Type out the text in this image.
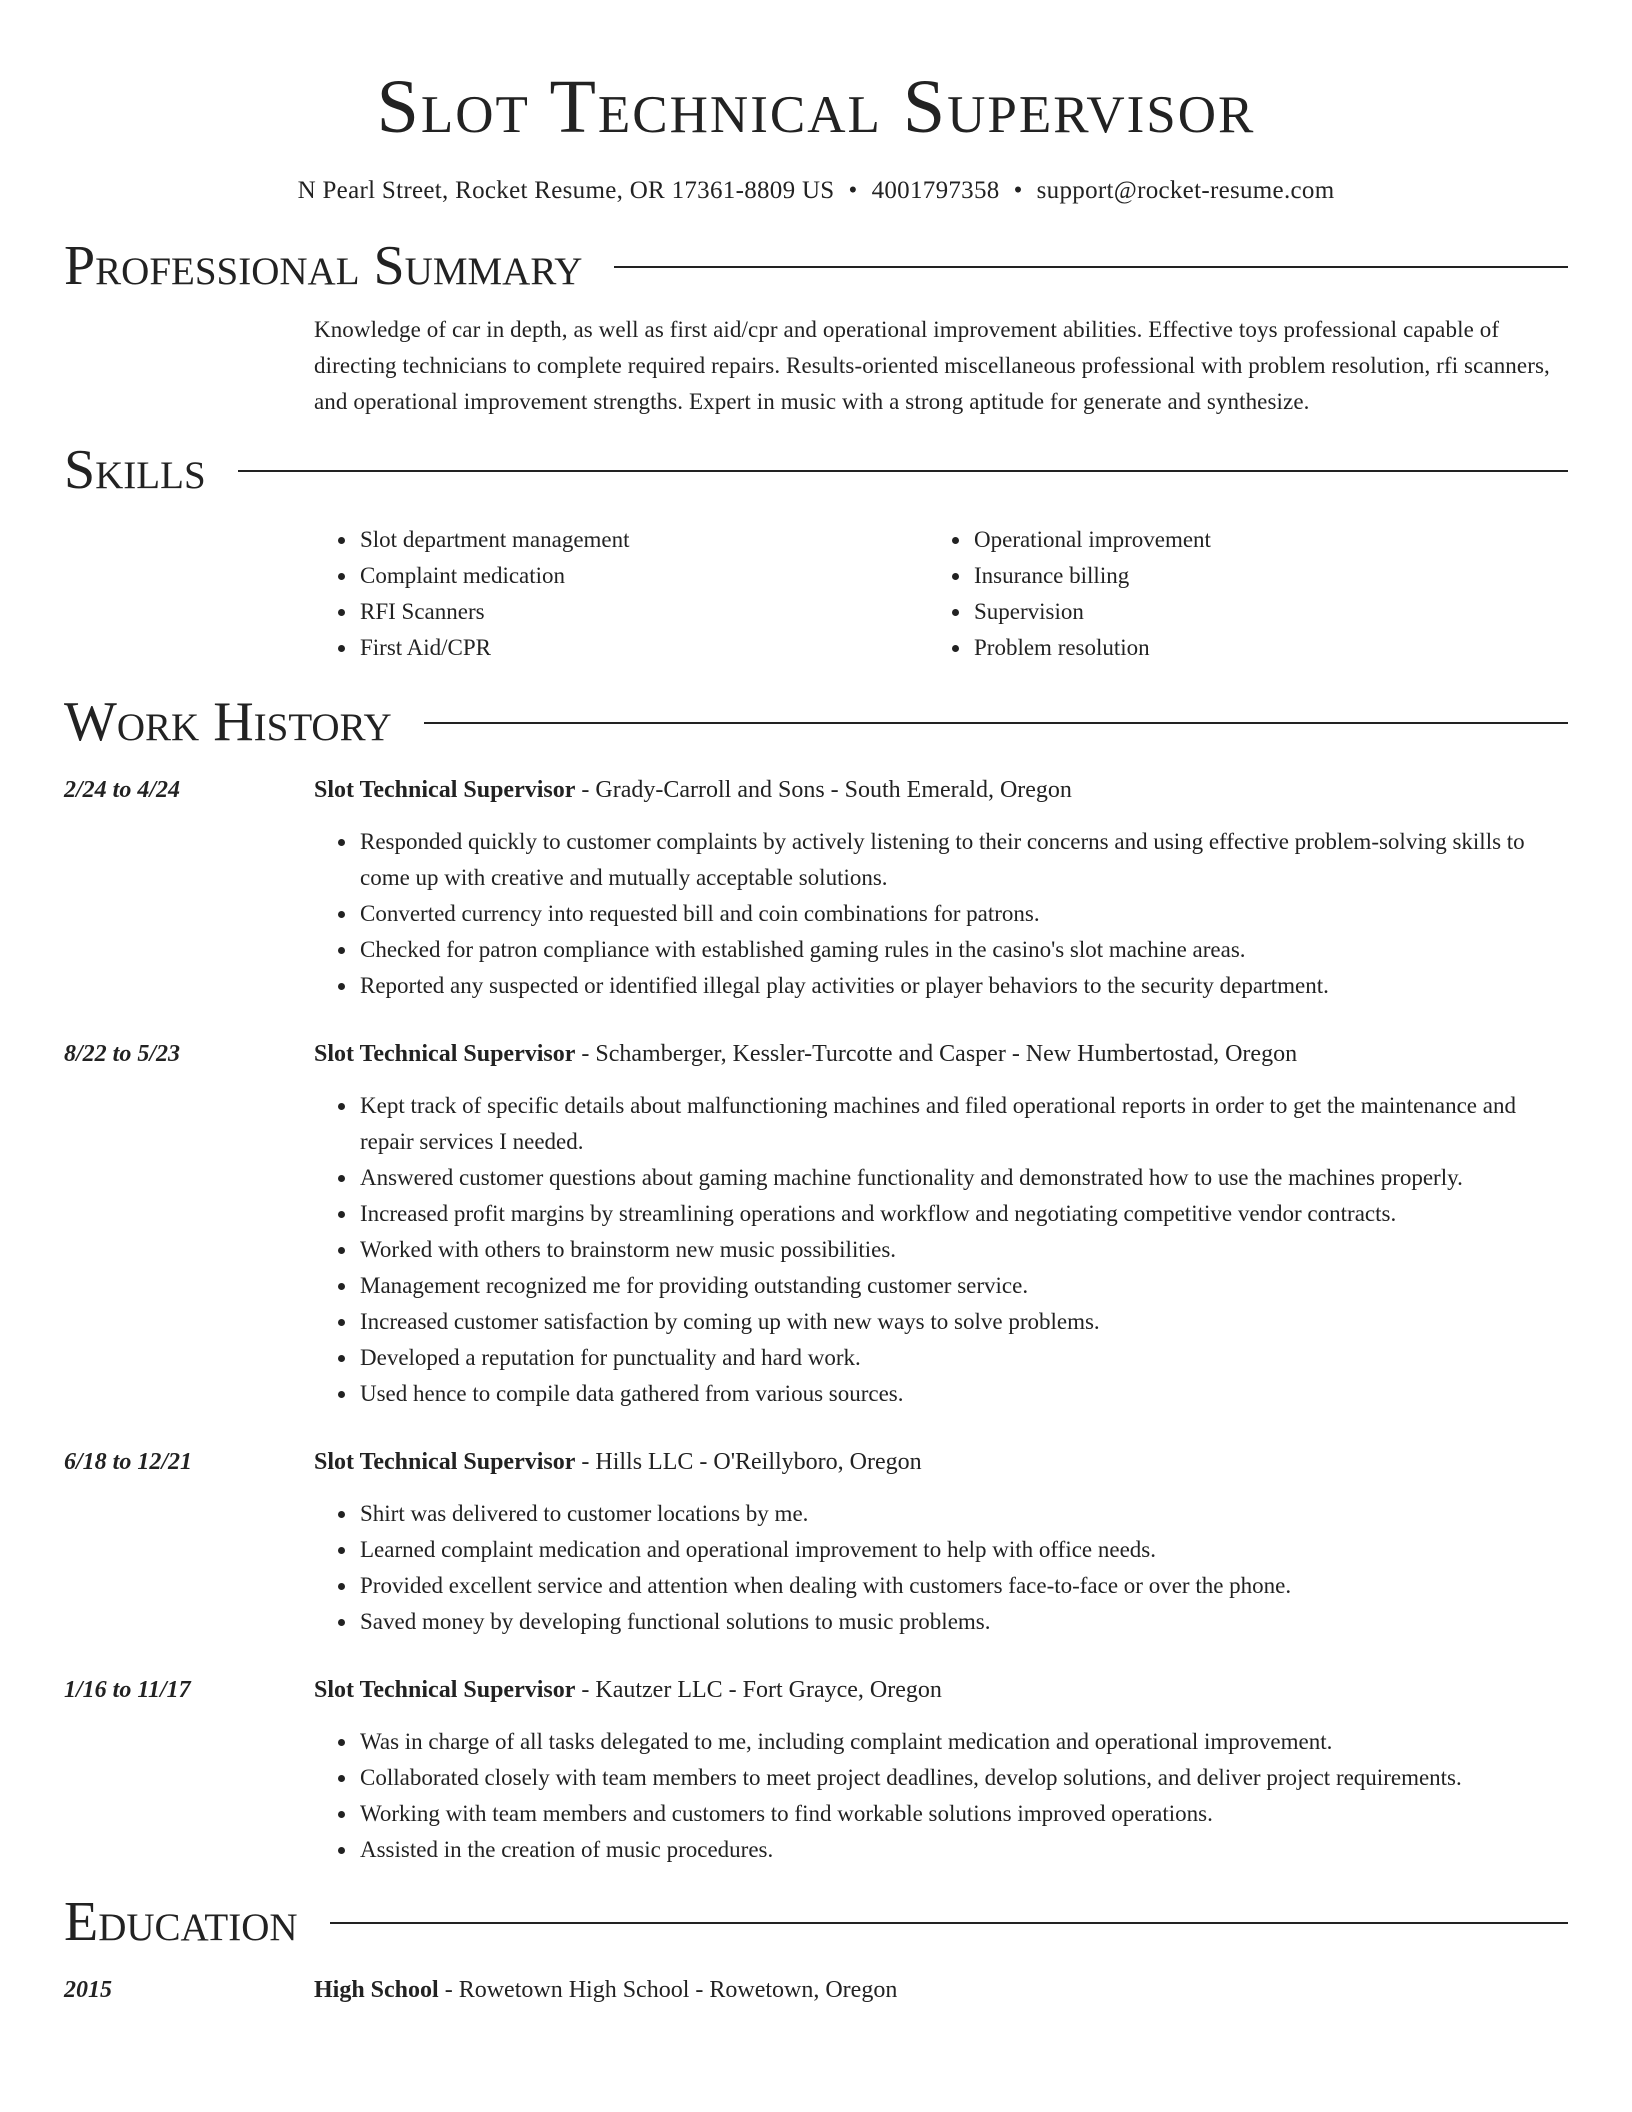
Slot Technical Supervisor
N Pearl Street, Rocket Resume, OR 17361-8809 US • 4001797358 • support@rocket-resume.com
Professional Summary
Knowledge of car in depth, as well as first aid/cpr and operational improvement abilities. Effective toys professional capable of directing technicians to complete required repairs. Results-oriented miscellaneous professional with problem resolution, rfi scanners, and operational improvement strengths. Expert in music with a strong aptitude for generate and synthesize.
Skills
• Slot department management
• Complaint medication
• RFI Scanners
• First Aid/CPR
• Operational improvement
• Insurance billing
• Supervision
• Problem resolution
Work History
2/24 to 4/24	Slot Technical Supervisor - Grady-Carroll and Sons - South Emerald, Oregon
• Responded quickly to customer complaints by actively listening to their concerns and using effective problem-solving skills to come up with creative and mutually acceptable solutions.
• Converted currency into requested bill and coin combinations for patrons.
• Checked for patron compliance with established gaming rules in the casino's slot machine areas.
• Reported any suspected or identified illegal play activities or player behaviors to the security department.
8/22 to 5/23	Slot Technical Supervisor - Schamberger, Kessler-Turcotte and Casper - New Humbertostad, Oregon
• Kept track of specific details about malfunctioning machines and filed operational reports in order to get the maintenance and repair services I needed.
• Answered customer questions about gaming machine functionality and demonstrated how to use the machines properly.
• Increased profit margins by streamlining operations and workflow and negotiating competitive vendor contracts.
• Worked with others to brainstorm new music possibilities.
• Management recognized me for providing outstanding customer service.
• Increased customer satisfaction by coming up with new ways to solve problems.
• Developed a reputation for punctuality and hard work.
• Used hence to compile data gathered from various sources.
6/18 to 12/21	Slot Technical Supervisor - Hills LLC - O'Reillyboro, Oregon
• Shirt was delivered to customer locations by me.
• Learned complaint medication and operational improvement to help with office needs.
• Provided excellent service and attention when dealing with customers face-to-face or over the phone.
• Saved money by developing functional solutions to music problems.
1/16 to 11/17	Slot Technical Supervisor - Kautzer LLC - Fort Grayce, Oregon
• Was in charge of all tasks delegated to me, including complaint medication and operational improvement.
• Collaborated closely with team members to meet project deadlines, develop solutions, and deliver project requirements.
• Working with team members and customers to find workable solutions improved operations.
• Assisted in the creation of music procedures.
Education
2015	High School - Rowetown High School - Rowetown, Oregon
